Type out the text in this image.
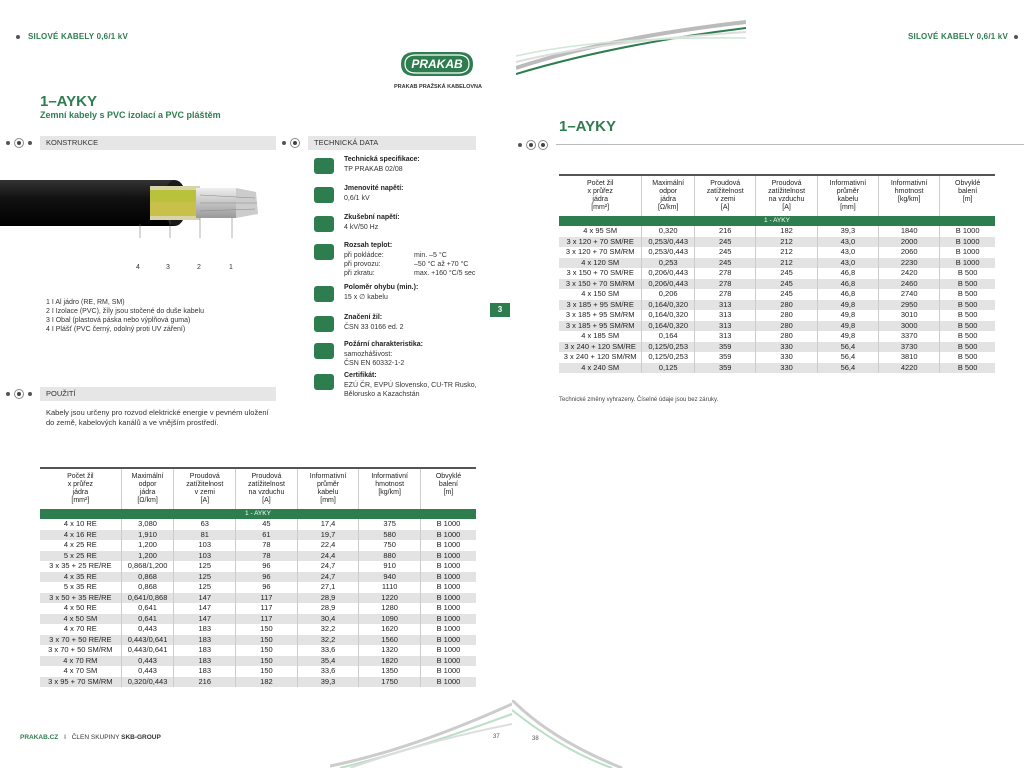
SILOVÉ KABELY 0,6/1 kV
PRAKAB
PRAKAB PRAŽSKÁ KABELOVNA
1–AYKY
Zemní kabely s PVC izolací a PVC pláštěm
KONSTRUKCE	TECHNICKÁ DATA
4	3	2	1
1 I Al jádro (RE, RM, SM)
2 I Izolace (PVC), žíly jsou stočené do duše kabelu
3 I Obal (plastová páska nebo výplňová guma)
4 I Plášť (PVC černý, odolný proti UV záření)
POUŽITÍ
Kabely jsou určeny pro rozvod elektrické energie v pevném uložení do země, kabelových kanálů a ve vnějším prostředí.
Technická specifikace:
TP PRAKAB 02/08
Jmenovité napětí:
0,6/1 kV
Zkušební napětí:
4 kV/50 Hz
Rozsah teplot:
při pokládce:	min. –5 °C
při provozu:	–50 °C až +70 °C
při zkratu:	max. +160 °C/5 sec
Poloměr ohybu (min.):
15 x ∅ kabelu
Značení žil:
ČSN 33 0166 ed. 2
Požární charakteristika:
samozhášivost:
ČSN EN 60332-1-2
Certifikát:
EZÚ ČR, EVPÚ Slovensko, CU-TR Rusko,
Bělorusko a Kazachstán
Počet žil
x průřez
jádra
[mm²]	Maximální
odpor
jádra
[Ω/km]	Proudová
zatížitelnost
v zemi
[A]	Proudová
zatížitelnost
na vzduchu
[A]	Informativní
průměr
kabelu
[mm]	Informativní
hmotnost
[kg/km]	Obvyklé
balení
[m]
1 - AYKY						
4 x 10 RE	3,080	63	45	17,4	375	B 1000
4 x 16 RE	1,910	81	61	19,7	580	B 1000
4 x 25 RE	1,200	103	78	22,4	750	B 1000
5 x 25 RE	1,200	103	78	24,4	880	B 1000
3 x 35 + 25 RE/RE	0,868/1,200	125	96	24,7	910	B 1000
4 x 35 RE	0,868	125	96	24,7	940	B 1000
5 x 35 RE	0,868	125	96	27,1	1110	B 1000
3 x 50 + 35 RE/RE	0,641/0,868	147	117	28,9	1220	B 1000
4 x 50 RE	0,641	147	117	28,9	1280	B 1000
4 x 50 SM	0,641	147	117	30,4	1090	B 1000
4 x 70 RE	0,443	183	150	32,2	1620	B 1000
3 x 70 + 50 RE/RE	0,443/0,641	183	150	32,2	1560	B 1000
3 x 70 + 50 SM/RM	0,443/0,641	183	150	33,6	1320	B 1000
4 x 70 RM	0,443	183	150	35,4	1820	B 1000
4 x 70 SM	0,443	183	150	33,6	1350	B 1000
3 x 95 + 70 SM/RM	0,320/0,443	216	182	39,3	1750	B 1000
PRAKAB.CZ I ČLEN SKUPINY SKB-GROUP	37
SILOVÉ KABELY 0,6/1 kV
1–AYKY
3
Počet žil
x průřez
jádra
[mm²]	Maximální
odpor
jádra
[Ω/km]	Proudová
zatížitelnost
v zemi
[A]	Proudová
zatížitelnost
na vzduchu
[A]	Informativní
průměr
kabelu
[mm]	Informativní
hmotnost
[kg/km]	Obvyklé
balení
[m]
1 - AYKY						
4 x 95 SM	0,320	216	182	39,3	1840	B 1000
3 x 120 + 70 SM/RE	0,253/0,443	245	212	43,0	2000	B 1000
3 x 120 + 70 SM/RM	0,253/0,443	245	212	43,0	2060	B 1000
4 x 120 SM	0,253	245	212	43,0	2230	B 1000
3 x 150 + 70 SM/RE	0,206/0,443	278	245	46,8	2420	B 500
3 x 150 + 70 SM/RM	0,206/0,443	278	245	46,8	2460	B 500
4 x 150 SM	0,206	278	245	46,8	2740	B 500
3 x 185 + 95 SM/RE	0,164/0,320	313	280	49,8	2950	B 500
3 x 185 + 95 SM/RM	0,164/0,320	313	280	49,8	3010	B 500
3 x 185 + 95 SM/RM	0,164/0,320	313	280	49,8	3000	B 500
4 x 185 SM	0,164	313	280	49,8	3370	B 500
3 x 240 + 120 SM/RE	0,125/0,253	359	330	56,4	3730	B 500
3 x 240 + 120 SM/RM	0,125/0,253	359	330	56,4	3810	B 500
4 x 240 SM	0,125	359	330	56,4	4220	B 500
Technické změny vyhrazeny. Číselné údaje jsou bez záruky.
38
